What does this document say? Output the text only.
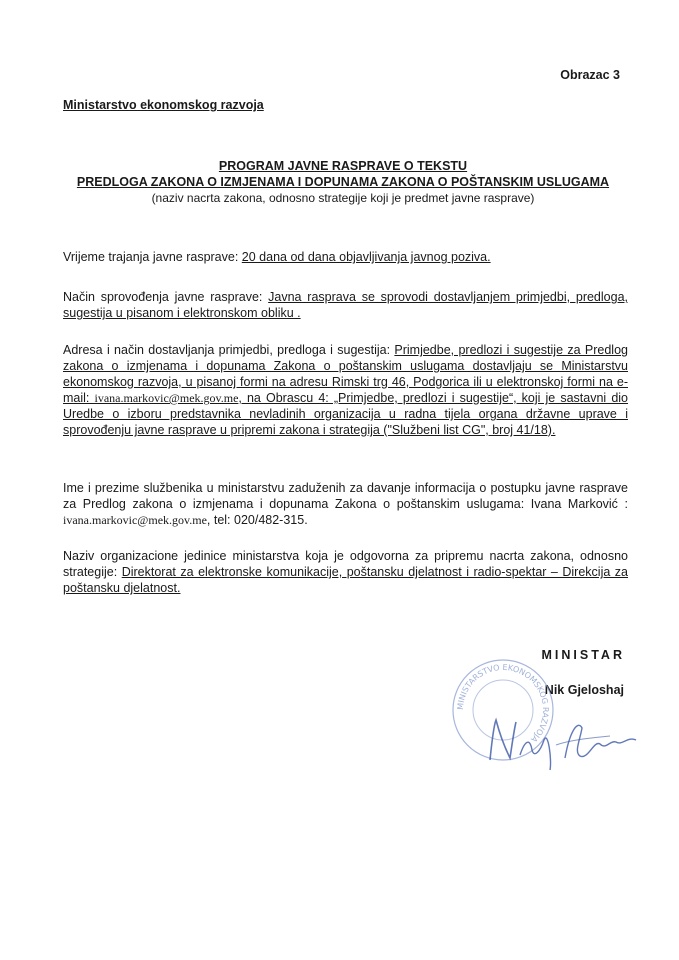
Obrazac 3
Ministarstvo ekonomskog razvoja
PROGRAM JAVNE RASPRAVE O TEKSTU
PREDLOGA ZAKONA O IZMJENAMA I DOPUNAMA ZAKONA O POŠTANSKIM USLUGAMA
(naziv nacrta zakona, odnosno strategije koji je predmet javne rasprave)
Vrijeme trajanja javne rasprave: 20 dana od dana objavljivanja javnog poziva.
Način sprovođenja javne rasprave: Javna rasprava se sprovodi dostavljanjem primjedbi, predloga, sugestija u pisanom i elektronskom obliku .
Adresa i način dostavljanja primjedbi, predloga i sugestija: Primjedbe, predlozi i sugestije za Predlog zakona o izmjenama i dopunama Zakona o poštanskim uslugama dostavljaju se Ministarstvu ekonomskog razvoja, u pisanoj formi na adresu Rimski trg 46, Podgorica ili u elektronskoj formi na e-mail: ivana.markovic@mek.gov.me, na Obrascu 4: „Primjedbe, predlozi i sugestije“, koji je sastavni dio Uredbe o izboru predstavnika nevladinih organizacija u radna tijela organa državne uprave i sprovođenju javne rasprave u pripremi zakona i strategija ("Službeni list CG", broj 41/18).
Ime i prezime službenika u ministarstvu zaduženih za davanje informacija o postupku javne rasprave za Predlog zakona o izmjenama i dopunama Zakona o poštanskim uslugama: Ivana Marković : ivana.markovic@mek.gov.me, tel: 020/482-315.
Naziv organizacione jedinice ministarstva koja je odgovorna za pripremu nacrta zakona, odnosno strategije: Direktorat za elektronske komunikacije, poštansku djelatnost i radio-spektar – Direkcija za poštansku djelatnost.
MINISTAR
Nik Gjeloshaj
MINISTARSTVO EKONOMSKOG RAZVOJA
